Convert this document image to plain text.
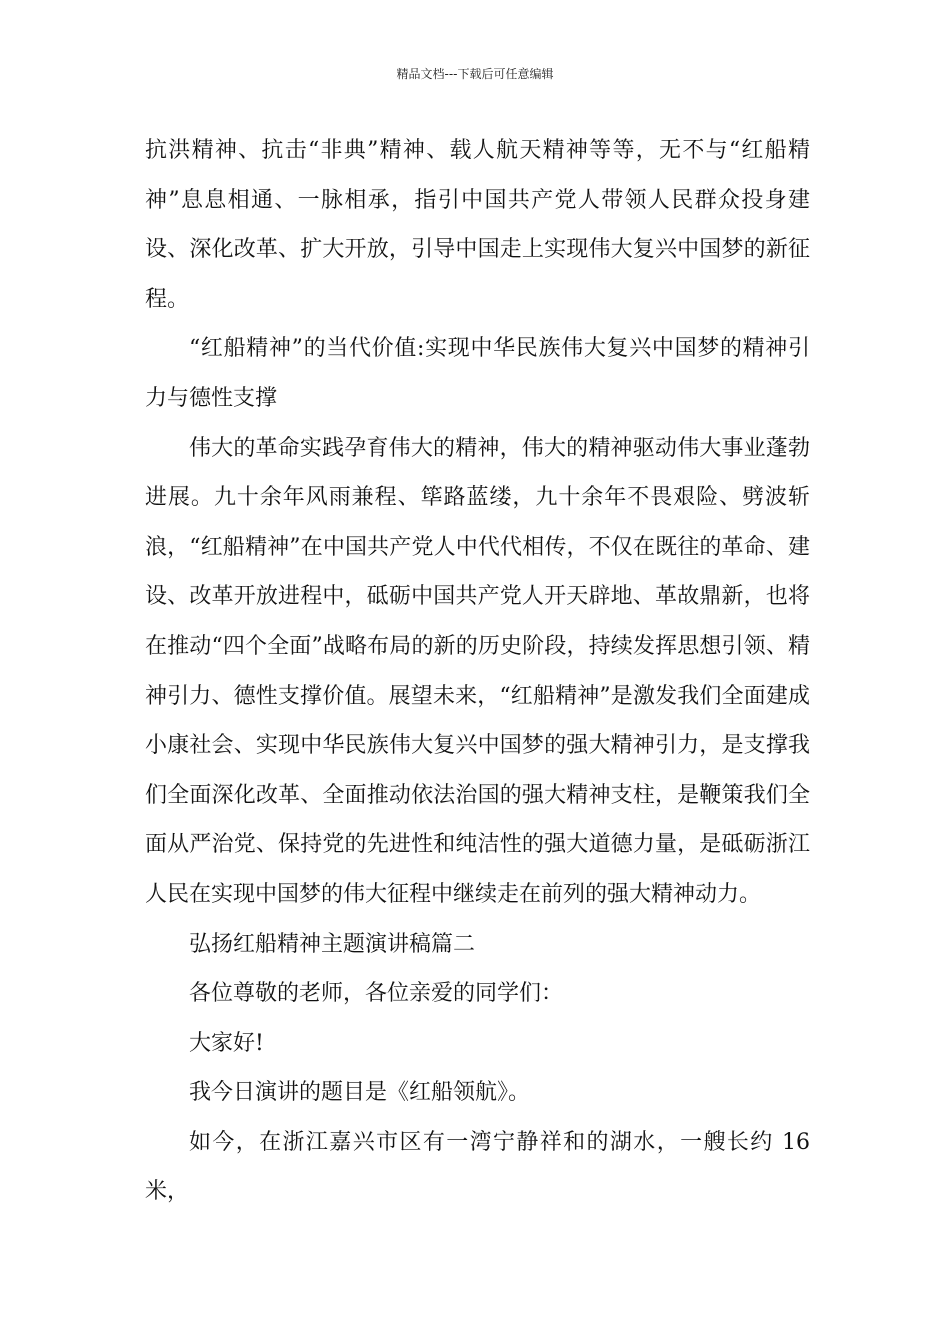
精品文档---下载后可任意编辑

抗洪精神、抗击“非典”精神、载人航天精神等等，无不与“红船精神”息息相通、一脉相承，指引中国共产党人带领人民群众投身建设、深化改革、扩大开放，引导中国走上实现伟大复兴中国梦的新征程。

“红船精神”的当代价值:实现中华民族伟大复兴中国梦的精神引力与德性支撑

伟大的革命实践孕育伟大的精神，伟大的精神驱动伟大事业蓬勃进展。九十余年风雨兼程、筚路蓝缕，九十余年不畏艰险、劈波斩浪，“红船精神”在中国共产党人中代代相传，不仅在既往的革命、建设、改革开放进程中，砥砺中国共产党人开天辟地、革故鼎新，也将在推动“四个全面”战略布局的新的历史阶段，持续发挥思想引领、精神引力、德性支撑价值。展望未来，“红船精神”是激发我们全面建成小康社会、实现中华民族伟大复兴中国梦的强大精神引力，是支撑我们全面深化改革、全面推动依法治国的强大精神支柱，是鞭策我们全面从严治党、保持党的先进性和纯洁性的强大道德力量，是砥砺浙江人民在实现中国梦的伟大征程中继续走在前列的强大精神动力。

弘扬红船精神主题演讲稿篇二

各位尊敬的老师，各位亲爱的同学们：

大家好!

我今日演讲的题目是《红船领航》。

如今，在浙江嘉兴市区有一湾宁静祥和的湖水，一艘长约 16 米，
